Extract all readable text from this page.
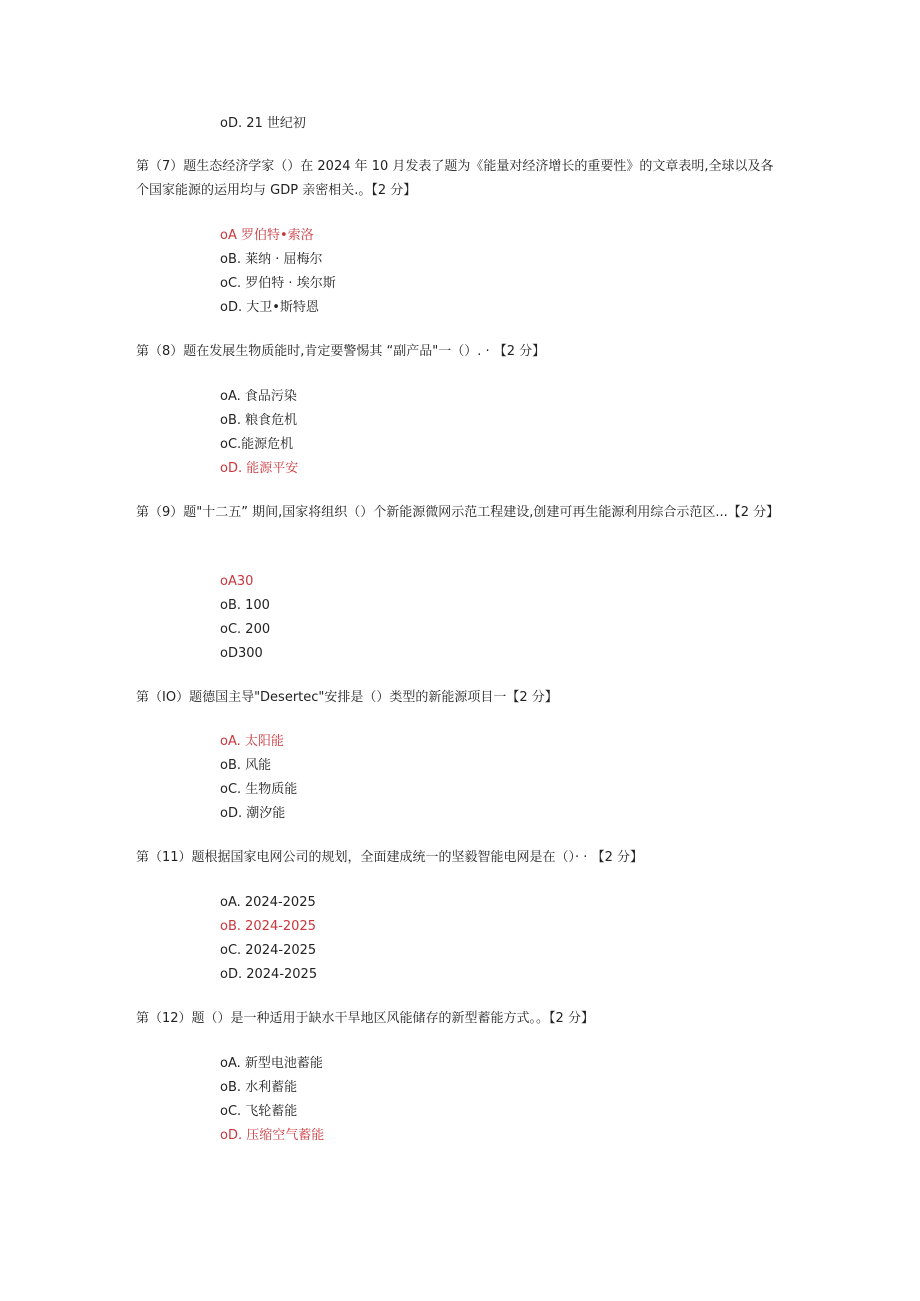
oD. 21 世纪初
第（7）题生态经济学家（）在 2024 年 10 月发表了题为《能量对经济增长的重要性》的文章表明,全球以及各个国家能源的运用均与 GDP 亲密相关.。【2 分】
oA 罗伯特•索洛
oB. 莱纳 · 屈梅尔
oC. 罗伯特 · 埃尔斯
oD. 大卫•斯特恩
第（8）题在发展生物质能时,肯定要警惕其 “副产品"一（）. · 【2 分】
oA. 食品污染
oB. 粮食危机
oC.能源危机
oD. 能源平安
第（9）题"十二五” 期间,国家将组织（）个新能源微网示范工程建设,创建可再生能源利用综合示范区...【2 分】
oA30
oB. 100
oC. 200
oD300
第（IO）题德国主导"Desertec"安排是（）类型的新能源项目一【2 分】
oA. 太阳能
oB. 风能
oC. 生物质能
oD. 潮汐能
第（11）题根据国家电网公司的规划，全面建成统一的坚毅智能电网是在（）· · 【2 分】
oA. 2024-2025
oB. 2024-2025
oC. 2024-2025
oD. 2024-2025
第（12）题（）是一种适用于缺水干旱地区风能储存的新型蓄能方式。。【2 分】
oA. 新型电池蓄能
oB. 水利蓄能
oC. 飞轮蓄能
oD. 压缩空气蓄能
